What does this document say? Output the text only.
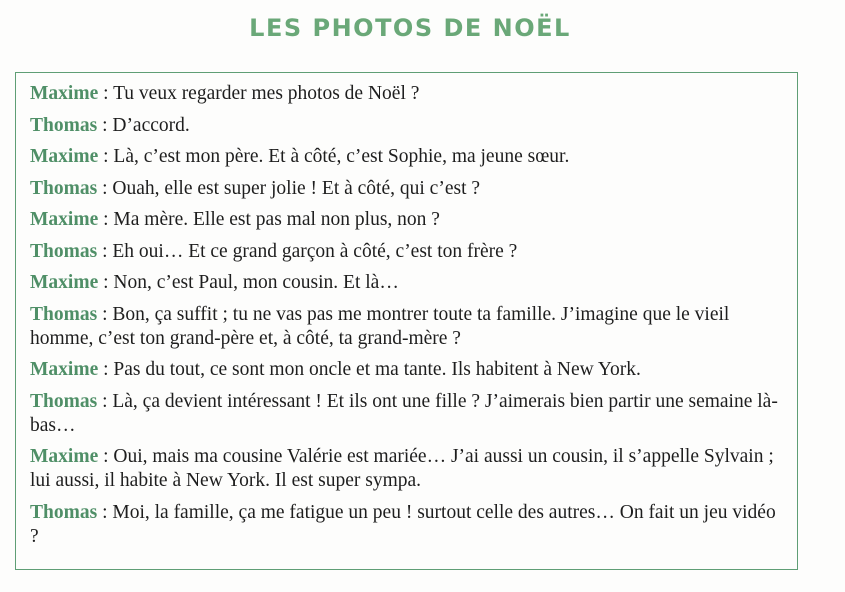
LES PHOTOS DE NOËL
Maxime : Tu veux regarder mes photos de Noël ?
Thomas : D’accord.
Maxime : Là, c’est mon père. Et à côté, c’est Sophie, ma jeune sœur.
Thomas : Ouah, elle est super jolie ! Et à côté, qui c’est ?
Maxime : Ma mère. Elle est pas mal non plus, non ?
Thomas : Eh oui… Et ce grand garçon à côté, c’est ton frère ?
Maxime : Non, c’est Paul, mon cousin. Et là…
Thomas : Bon, ça suffit ; tu ne vas pas me montrer toute ta famille. J’imagine que le vieil homme, c’est ton grand-père et, à côté, ta grand-mère ?
Maxime : Pas du tout, ce sont mon oncle et ma tante. Ils habitent à New York.
Thomas : Là, ça devient intéressant ! Et ils ont une fille ? J’aimerais bien partir une semaine là-bas…
Maxime : Oui, mais ma cousine Valérie est mariée… J’ai aussi un cousin, il s’appelle Sylvain ; lui aussi, il habite à New York. Il est super sympa.
Thomas : Moi, la famille, ça me fatigue un peu ! surtout celle des autres… On fait un jeu vidéo ?
